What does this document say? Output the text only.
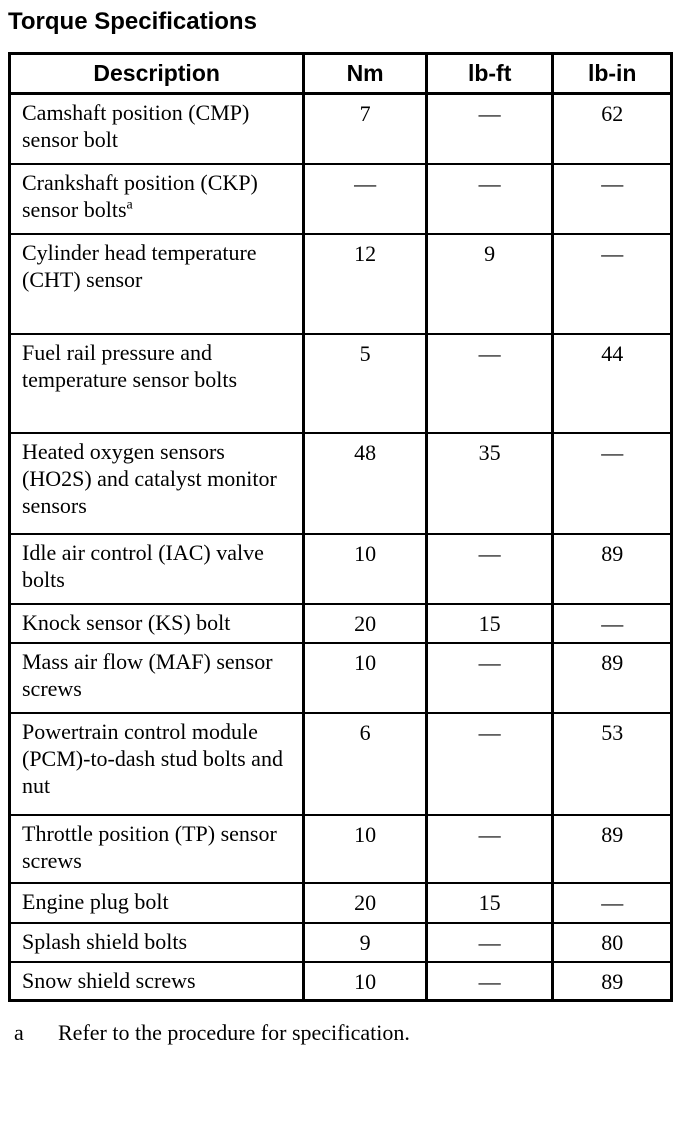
Torque Specifications
Description	Nm	lb-ft	lb-in
Camshaft position (CMP) sensor bolt	7	—	62
Crankshaft position (CKP) sensor bolts$^a$	—	—	—
Cylinder head temperature (CHT) sensor	12	9	—
Fuel rail pressure and temperature sensor bolts	5	—	44
Heated oxygen sensors (HO2S) and catalyst monitor sensors	48	35	—
Idle air control (IAC) valve bolts	10	—	89
Knock sensor (KS) bolt	20	15	—
Mass air flow (MAF) sensor screws	10	—	89
Powertrain control module (PCM)-to-dash stud bolts and nut	6	—	53
Throttle position (TP) sensor screws	10	—	89
Engine plug bolt	20	15	—
Splash shield bolts	9	—	80
Snow shield screws	10	—	89
a	Refer to the procedure for specification.
